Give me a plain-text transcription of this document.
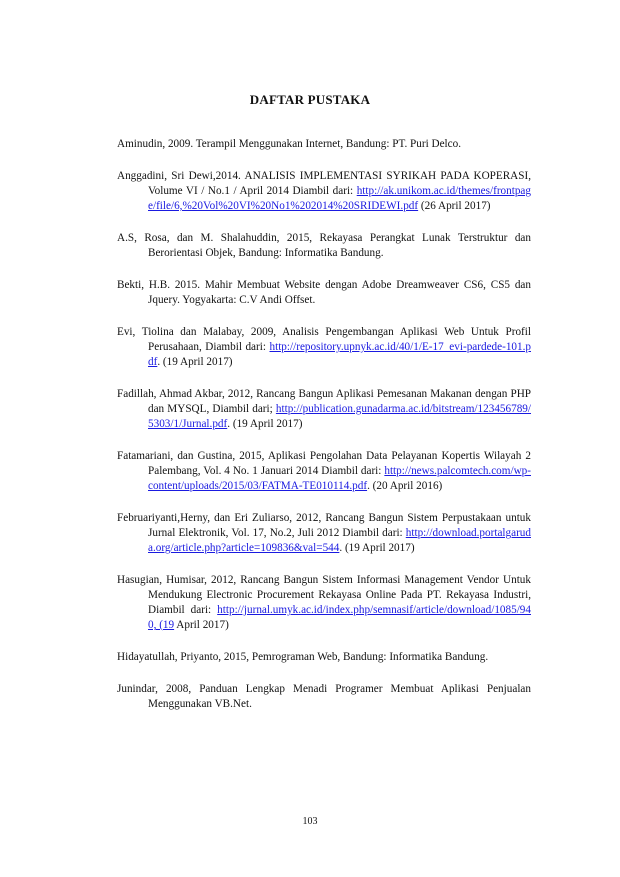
DAFTAR PUSTAKA

Aminudin, 2009. Terampil Menggunakan Internet, Bandung: PT. Puri Delco.

Anggadini, Sri Dewi,2014. ANALISIS IMPLEMENTASI SYRIKAH PADA KOPERASI, Volume VI / No.1 / April 2014 Diambil dari: http://ak.unikom.ac.id/themes/frontpage/file/6,%20Vol%20VI%20No1%202014%20SRIDEWI.pdf (26 April 2017)

A.S, Rosa, dan M. Shalahuddin, 2015, Rekayasa Perangkat Lunak Terstruktur dan Berorientasi Objek, Bandung: Informatika Bandung.

Bekti, H.B. 2015. Mahir Membuat Website dengan Adobe Dreamweaver CS6, CS5 dan Jquery. Yogyakarta: C.V Andi Offset.

Evi, Tiolina dan Malabay, 2009, Analisis Pengembangan Aplikasi Web Untuk Profil Perusahaan, Diambil dari: http://repository.upnyk.ac.id/40/1/E-17_evi-pardede-101.pdf. (19 April 2017)

Fadillah, Ahmad Akbar, 2012, Rancang Bangun Aplikasi Pemesanan Makanan dengan PHP dan MYSQL, Diambil dari; http://publication.gunadarma.ac.id/bitstream/123456789/5303/1/Jurnal.pdf. (19 April 2017)

Fatamariani, dan Gustina, 2015, Aplikasi Pengolahan Data Pelayanan Kopertis Wilayah 2 Palembang, Vol. 4 No. 1 Januari 2014 Diambil dari: http://news.palcomtech.com/wp-content/uploads/2015/03/FATMA-TE010114.pdf. (20 April 2016)

Februariyanti,Herny, dan Eri Zuliarso, 2012, Rancang Bangun Sistem Perpustakaan untuk Jurnal Elektronik, Vol. 17, No.2, Juli 2012 Diambil dari: http://download.portalgaruda.org/article.php?article=109836&val=544. (19 April 2017)

Hasugian, Humisar, 2012, Rancang Bangun Sistem Informasi Management Vendor Untuk Mendukung Electronic Procurement Rekayasa Online Pada PT. Rekayasa Industri, Diambil dari: http://jurnal.umyk.ac.id/index.php/semnasif/article/download/1085/940, (19 April 2017)

Hidayatullah, Priyanto, 2015, Pemrograman Web, Bandung: Informatika Bandung.

Junindar, 2008, Panduan Lengkap Menadi Programer Membuat Aplikasi Penjualan Menggunakan VB.Net.

103
